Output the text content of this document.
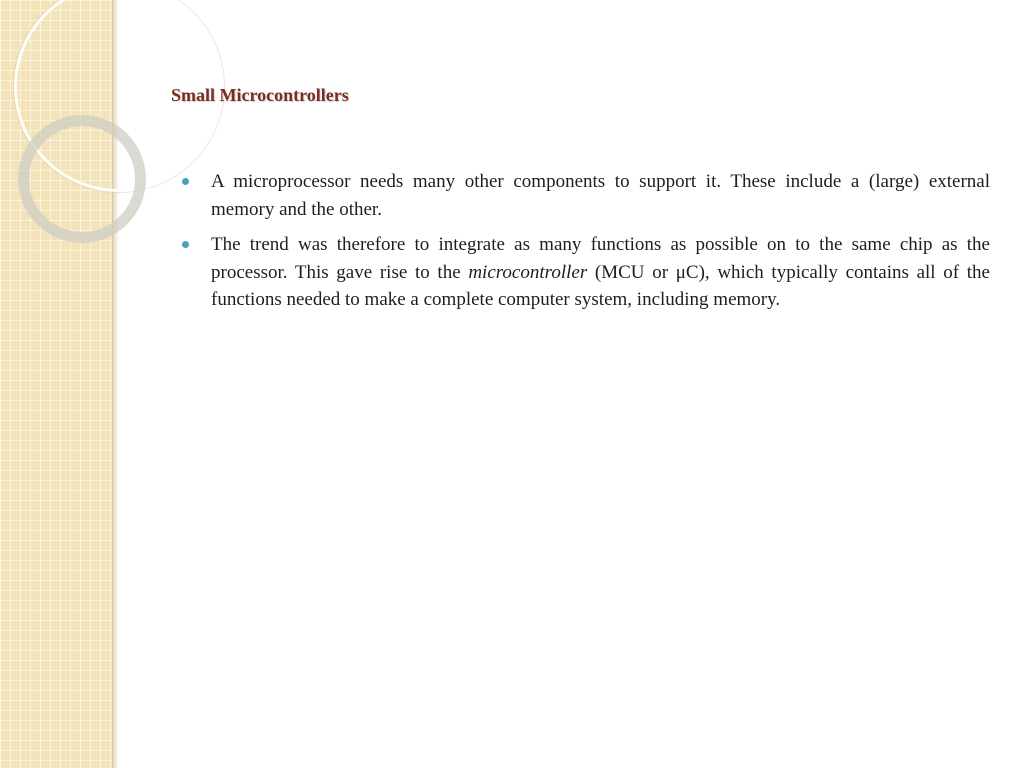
Small Microcontrollers
A microprocessor needs many other components to support it. These include a (large) external memory and the other.
The trend was therefore to integrate as many functions as possible on to the same chip as the processor. This gave rise to the microcontroller (MCU or μC), which typically contains all of the functions needed to make a complete computer system, including memory.
